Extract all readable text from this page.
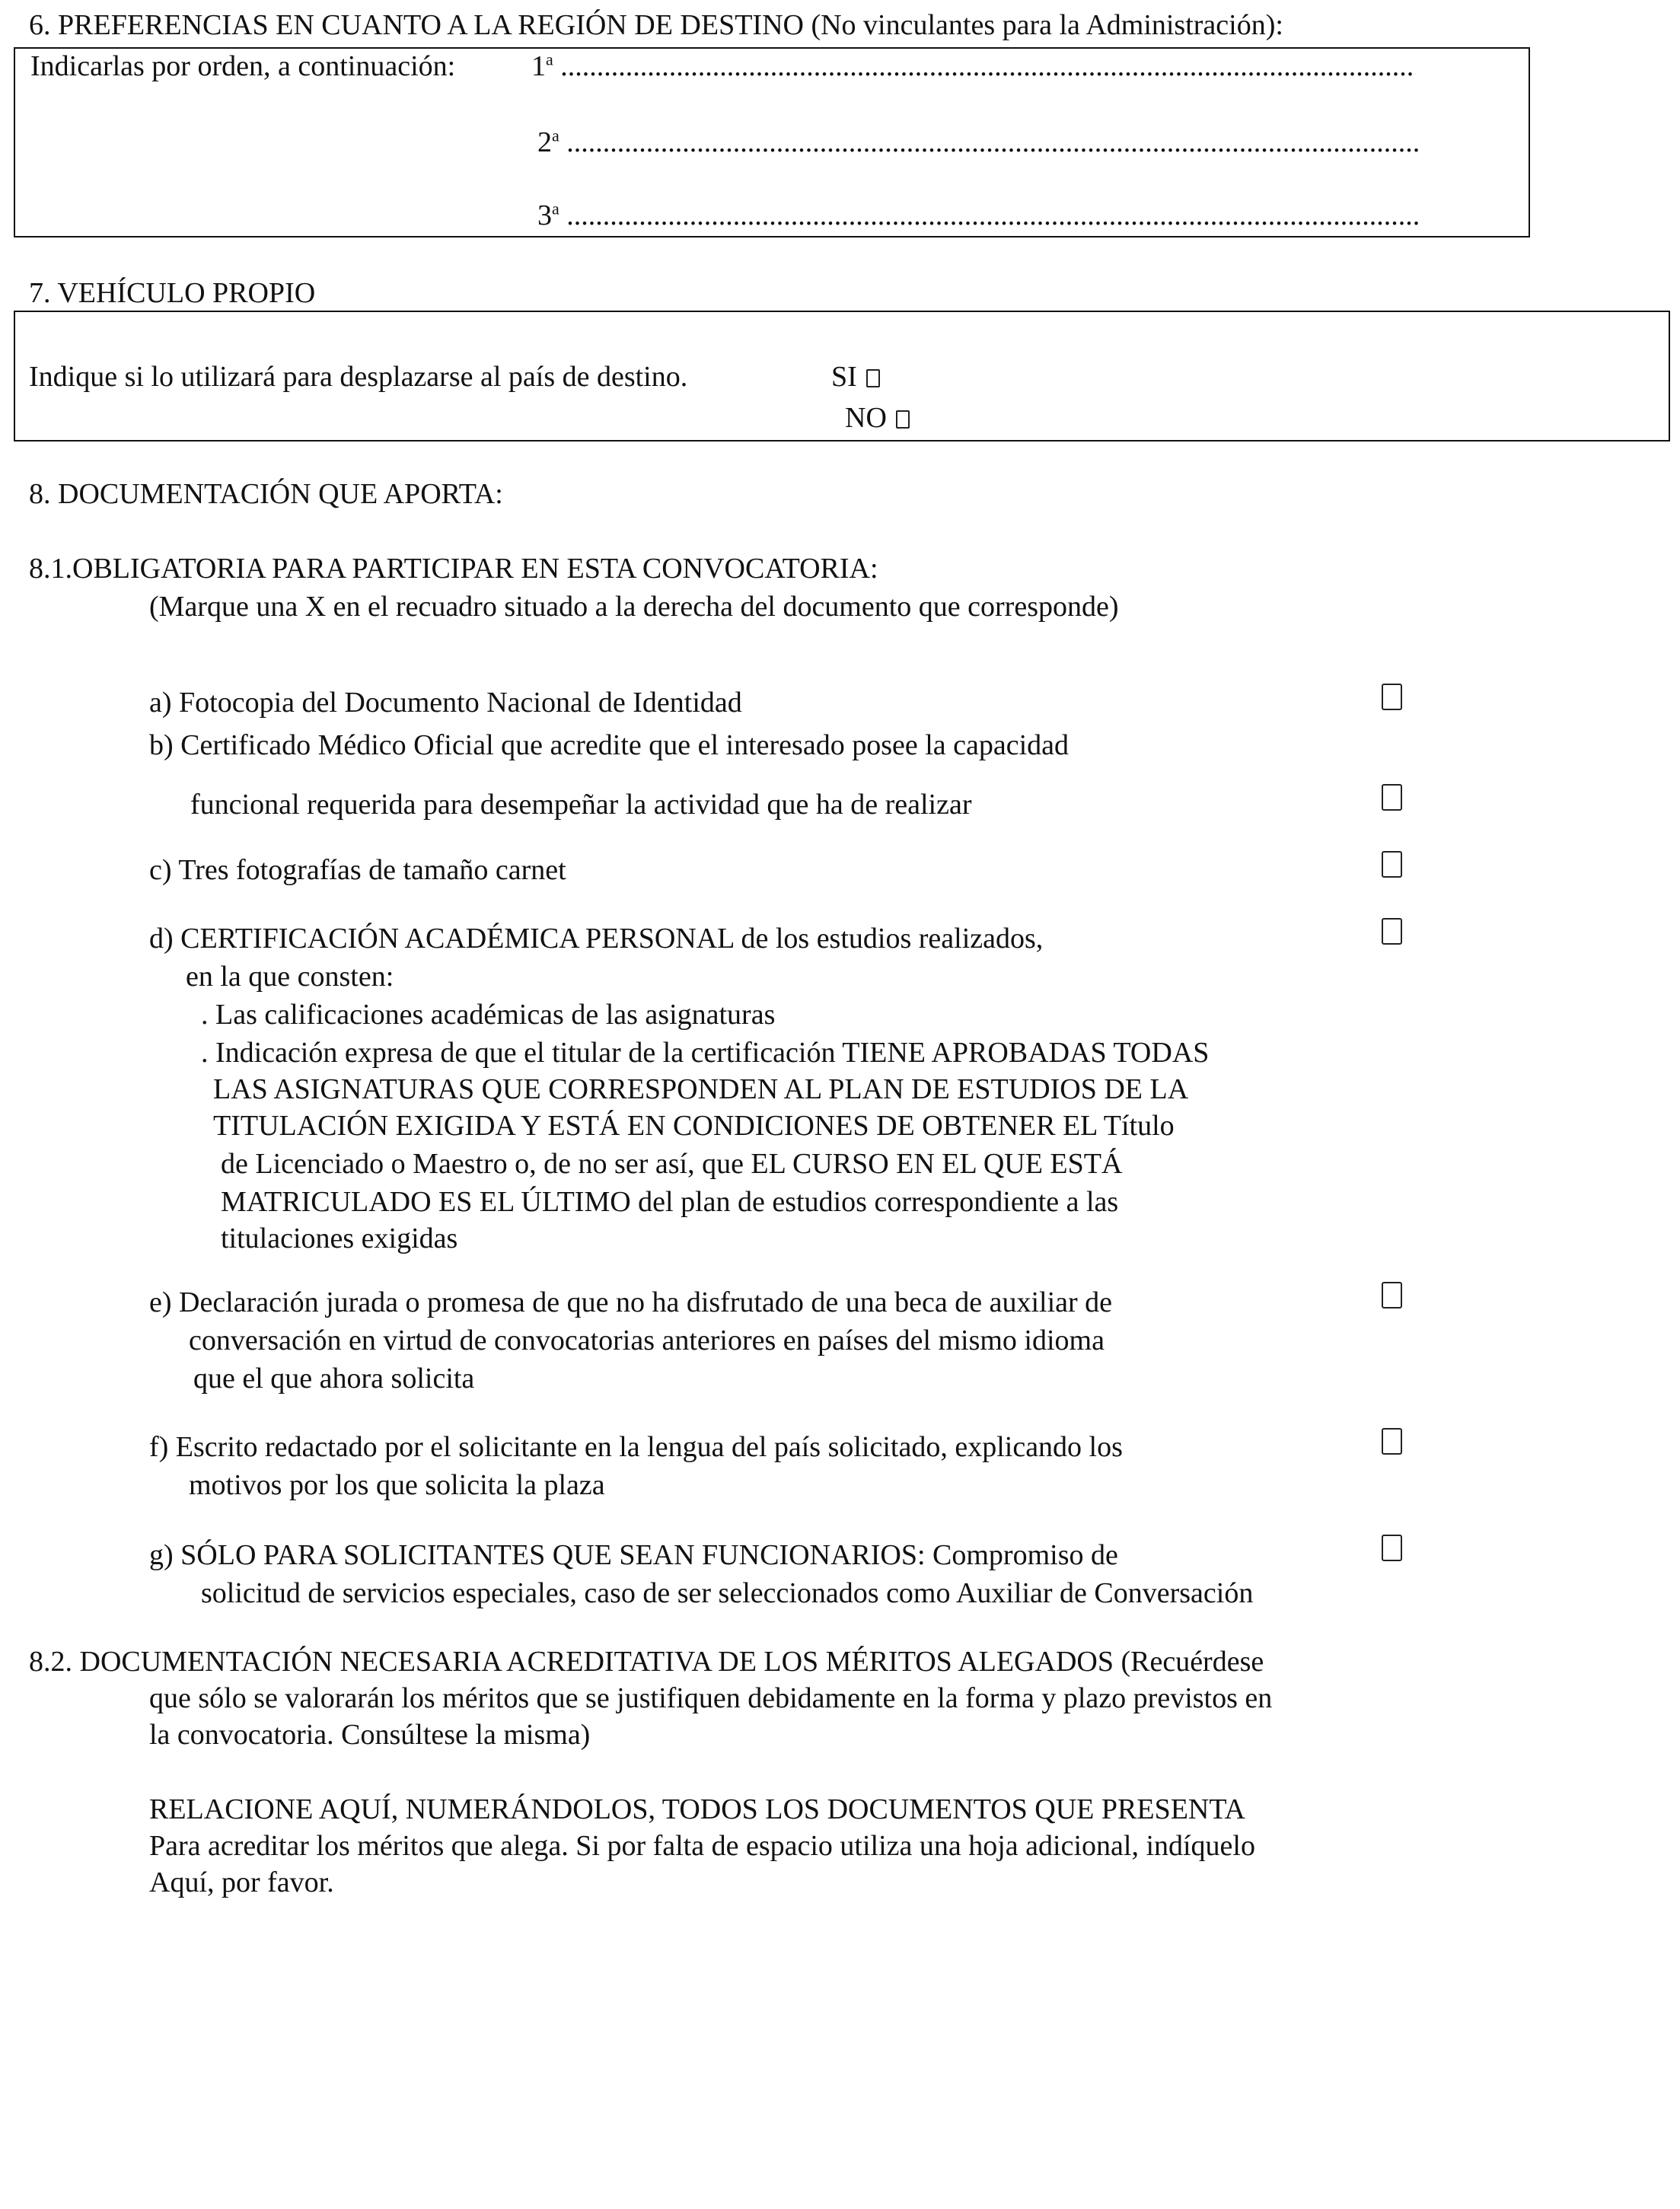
6. PREFERENCIAS EN CUANTO A LA REGIÓN DE DESTINO (No vinculantes para la Administración):
Indicarlas por orden, a continuación:	1$^a$ ......................................................................................................................
2$^a$ ......................................................................................................................
3$^a$ ......................................................................................................................
7. VEHÍCULO PROPIO
Indique si lo utilizará para desplazarse al país de destino.	SI
NO
8. DOCUMENTACIÓN QUE APORTA:
8.1.OBLIGATORIA PARA PARTICIPAR EN ESTA CONVOCATORIA:
(Marque una X en el recuadro situado a la derecha del documento que corresponde)
a) Fotocopia del Documento Nacional de Identidad
b) Certificado Médico Oficial que acredite que el interesado posee la capacidad
funcional requerida para desempeñar la actividad que ha de realizar
c) Tres fotografías de tamaño carnet
d) CERTIFICACIÓN ACADÉMICA PERSONAL de los estudios realizados,
en la que consten:
. Las calificaciones académicas de las asignaturas
. Indicación expresa de que el titular de la certificación TIENE APROBADAS TODAS
LAS ASIGNATURAS QUE CORRESPONDEN AL PLAN DE ESTUDIOS DE LA
TITULACIÓN EXIGIDA Y ESTÁ EN CONDICIONES DE OBTENER EL Título
de Licenciado o Maestro o, de no ser así, que EL CURSO EN EL QUE ESTÁ
MATRICULADO ES EL ÚLTIMO del plan de estudios correspondiente a las
titulaciones exigidas
e) Declaración jurada o promesa de que no ha disfrutado de una beca de auxiliar de
conversación en virtud de convocatorias anteriores en países del mismo idioma
que el que ahora solicita
f) Escrito redactado por el solicitante en la lengua del país solicitado, explicando los
motivos por los que solicita la plaza
g) SÓLO PARA SOLICITANTES QUE SEAN FUNCIONARIOS: Compromiso de
solicitud de servicios especiales, caso de ser seleccionados como Auxiliar de Conversación
8.2. DOCUMENTACIÓN NECESARIA ACREDITATIVA DE LOS MÉRITOS ALEGADOS (Recuérdese
que sólo se valorarán los méritos que se justifiquen debidamente en la forma y plazo previstos en
la convocatoria. Consúltese la misma)
RELACIONE AQUÍ, NUMERÁNDOLOS, TODOS LOS DOCUMENTOS QUE PRESENTA
Para acreditar los méritos que alega. Si por falta de espacio utiliza una hoja adicional, indíquelo
Aquí, por favor.
